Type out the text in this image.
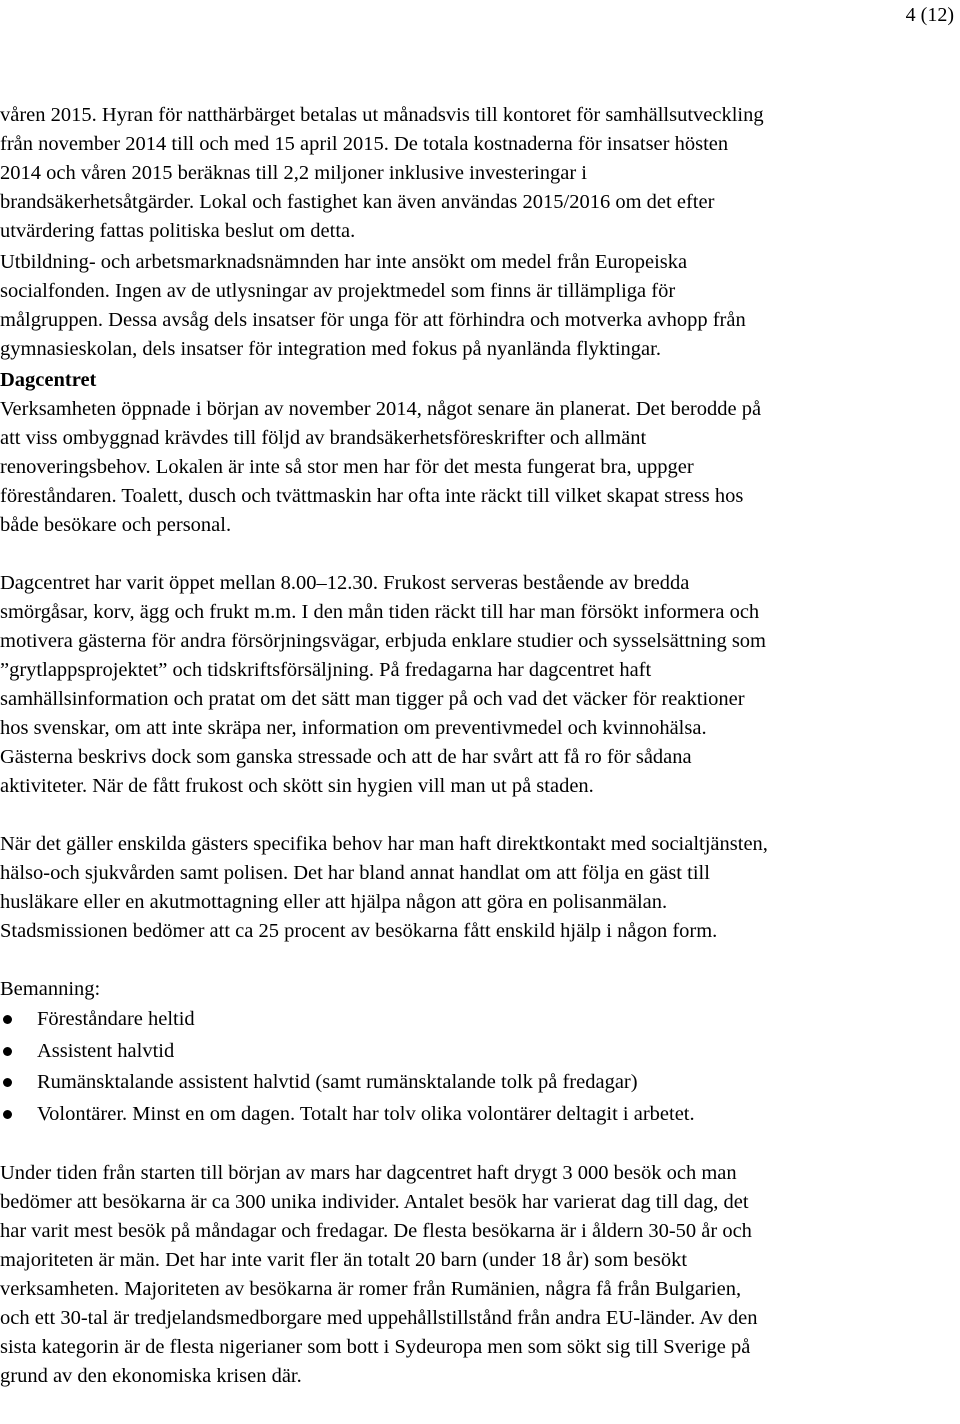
4 (12)

våren 2015. Hyran för natthärbärget betalas ut månadsvis till kontoret för samhällsutveckling
från november 2014 till och med 15 april 2015. De totala kostnaderna för insatser hösten
2014 och våren 2015 beräknas till 2,2 miljoner inklusive investeringar i
brandsäkerhetsåtgärder. Lokal och fastighet kan även användas 2015/2016 om det efter
utvärdering fattas politiska beslut om detta.

Utbildning- och arbetsmarknadsnämnden har inte ansökt om medel från Europeiska
socialfonden. Ingen av de utlysningar av projektmedel som finns är tillämpliga för
målgruppen. Dessa avsåg dels insatser för unga för att förhindra och motverka avhopp från
gymnasieskolan, dels insatser för integration med fokus på nyanlända flyktingar.

Dagcentret

Verksamheten öppnade i början av november 2014, något senare än planerat. Det berodde på
att viss ombyggnad krävdes till följd av brandsäkerhetsföreskrifter och allmänt
renoveringsbehov. Lokalen är inte så stor men har för det mesta fungerat bra, uppger
föreståndaren. Toalett, dusch och tvättmaskin har ofta inte räckt till vilket skapat stress hos
både besökare och personal.

Dagcentret har varit öppet mellan 8.00–12.30. Frukost serveras bestående av bredda
smörgåsar, korv, ägg och frukt m.m. I den mån tiden räckt till har man försökt informera och
motivera gästerna för andra försörjningsvägar, erbjuda enklare studier och sysselsättning som
”grytlappsprojektet” och tidskriftsförsäljning. På fredagarna har dagcentret haft
samhällsinformation och pratat om det sätt man tigger på och vad det väcker för reaktioner
hos svenskar, om att inte skräpa ner, information om preventivmedel och kvinnohälsa.
Gästerna beskrivs dock som ganska stressade och att de har svårt att få ro för sådana
aktiviteter. När de fått frukost och skött sin hygien vill man ut på staden.

När det gäller enskilda gästers specifika behov har man haft direktkontakt med socialtjänsten,
hälso-och sjukvården samt polisen. Det har bland annat handlat om att följa en gäst till
husläkare eller en akutmottagning eller att hjälpa någon att göra en polisanmälan.
Stadsmissionen bedömer att ca 25 procent av besökarna fått enskild hjälp i någon form.

Bemanning:

Föreståndare heltid
Assistent halvtid
Rumänsktalande assistent halvtid (samt rumänsktalande tolk på fredagar)
Volontärer. Minst en om dagen. Totalt har tolv olika volontärer deltagit i arbetet.

Under tiden från starten till början av mars har dagcentret haft drygt 3 000 besök och man
bedömer att besökarna är ca 300 unika individer. Antalet besök har varierat dag till dag, det
har varit mest besök på måndagar och fredagar. De flesta besökarna är i åldern 30-50 år och
majoriteten är män. Det har inte varit fler än totalt 20 barn (under 18 år) som besökt
verksamheten. Majoriteten av besökarna är romer från Rumänien, några få från Bulgarien,
och ett 30-tal är tredjelandsmedborgare med uppehållstillstånd från andra EU-länder. Av den
sista kategorin är de flesta nigerianer som bott i Sydeuropa men som sökt sig till Sverige på
grund av den ekonomiska krisen där.
